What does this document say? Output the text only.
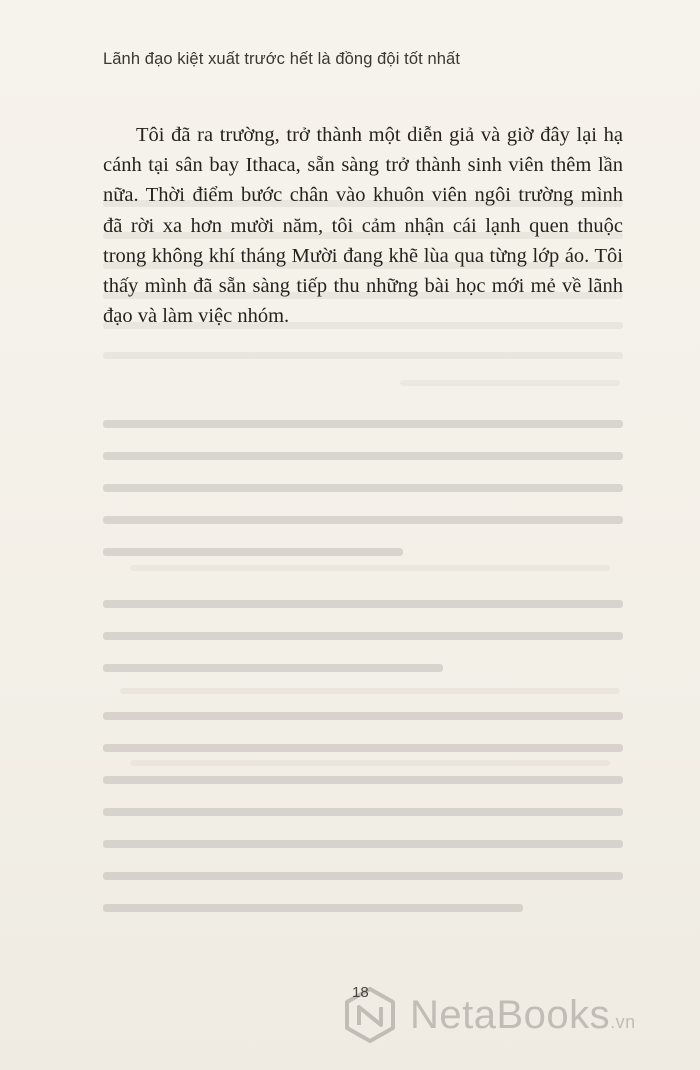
Lãnh đạo kiệt xuất trước hết là đồng đội tốt nhất

Tôi đã ra trường, trở thành một diễn giả và giờ đây lại hạ cánh tại sân bay Ithaca, sẵn sàng trở thành sinh viên thêm lần nữa. Thời điểm bước chân vào khuôn viên ngôi trường mình đã rời xa hơn mười năm, tôi cảm nhận cái lạnh quen thuộc trong không khí tháng Mười đang khẽ lùa qua từng lớp áo. Tôi thấy mình đã sẵn sàng tiếp thu những bài học mới mẻ về lãnh đạo và làm việc nhóm.

NetaBooks.vn
18
